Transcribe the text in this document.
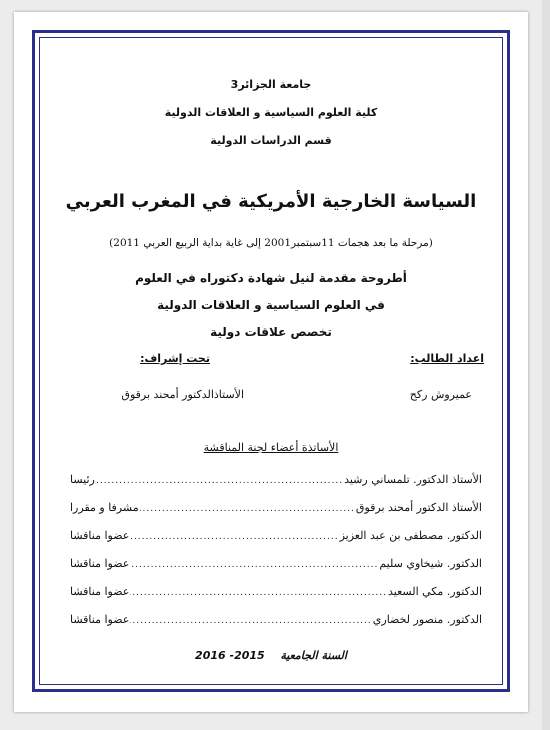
جامعة الجزائر3
كلية العلوم السياسية و العلاقات الدولية
قسم الدراسات الدولية
السياسة الخارجية الأمريكية في المغرب العربي
(مرحلة ما بعد هجمات 11سبتمبر2001 إلى غاية بداية الربيع العربي 2011)
أطروحة مقدمة لنيل شهادة دكتوراه في العلوم
في العلوم السياسية و العلاقات الدولية
تخصص علاقات دولية
اعداد الطالب:
تحت إشراف:
عميروش ركح
الأستاذالدكتور أمحند برقوق
الأساتذة أعضاء لجنة المناقشة
الأستاذ الدكتور. تلمساني رشيد
.....
رئيسا
الأستاذ الدكتور أمحند برقوق
.....
مشرفا و مقررا
الدكتور. مصطفى بن عبد العزيز
.....
عضوا مناقشا
الدكتور. شيخاوي سليم
.....
عضوا مناقشا
الدكتور. مكي السعيد
.....
عضوا مناقشا
الدكتور. منصور لخضاري
.....
عضوا مناقشا
السنة الجامعية  2015- 2016
